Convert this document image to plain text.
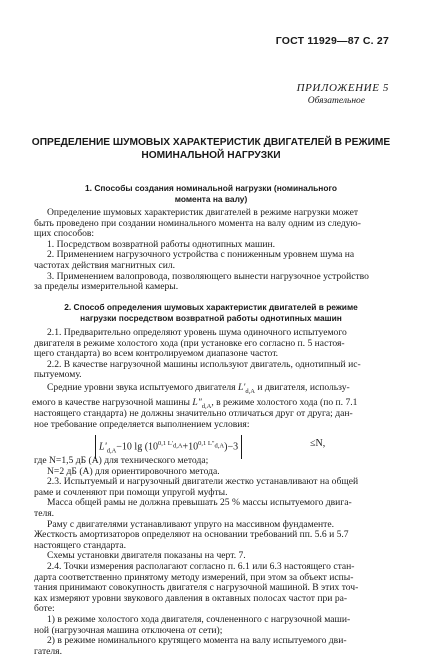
ГОСТ 11929—87 С. 27
ПРИЛОЖЕНИЕ 5
Обязательное
ОПРЕДЕЛЕНИЕ ШУМОВЫХ ХАРАКТЕРИСТИК ДВИГАТЕЛЕЙ В РЕЖИМЕ
НОМИНАЛЬНОЙ НАГРУЗКИ
1. Способы создания номинальной нагрузки (номинального
момента на валу)
Определение шумовых характеристик двигателей в режиме нагрузки может
быть проведено при создании номинального момента на валу одним из следую-
щих способов:
1. Посредством возвратной работы однотипных машин.
2. Применением нагрузочного устройства с пониженным уровнем шума на
частотах действия магнитных сил.
3. Применением валопровода, позволяющего вынести нагрузочное устройство
за пределы измерительной камеры.
2. Способ определения шумовых характеристик двигателей в режиме
нагрузки посредством возвратной работы однотипных машин
2.1. Предварительно определяют уровень шума одиночного испытуемого
двигателя в режиме холостого хода (при установке его согласно п. 5 настоя-
щего стандарта) во всем контролируемом диапазоне частот.
2.2. В качестве нагрузочной машины используют двигатель, однотипный ис-
пытуемому.
Средние уровни звука испытуемого двигателя $L'_{d,A}$ и двигателя, использу-
емого в качестве нагрузочной машины $L"_{d,A}$, в режиме холостого хода (по п. 7.1
настоящего стандарта) не должны значительно отличаться друг от друга; дан-
ное требование определяется выполнением условия:
$L'_{d,A}-10$ $\lg (10^{0,1 L'_{d,A}}+10^{0,1 L"_{d,A}})-3$	≤N,
где N=1,5 дБ (A) для технического метода;
N=2 дБ (A) для ориентировочного метода.
2.3. Испытуемый и нагрузочный двигатели жестко устанавливают на общей
раме и сочленяют при помощи упругой муфты.
Масса общей рамы не должна превышать 25 % массы испытуемого двига-
теля.
Раму с двигателями устанавливают упруго на массивном фундаменте.
Жесткость амортизаторов определяют на основании требований пп. 5.6 и 5.7
настоящего стандарта.
Схемы установки двигателя показаны на черт. 7.
2.4. Точки измерения располагают согласно п. 6.1 или 6.3 настоящего стан-
дарта соответственно принятому методу измерений, при этом за объект испы-
тания принимают совокупность двигателя с нагрузочной машиной. В этих точ-
ках измеряют уровни звукового давления в октавных полосах частот при ра-
боте:
1) в режиме холостого хода двигателя, сочлененного с нагрузочной маши-
ной (нагрузочная машина отключена от сети);
2) в режиме номинального крутящего момента на валу испытуемого дви-
гателя.
